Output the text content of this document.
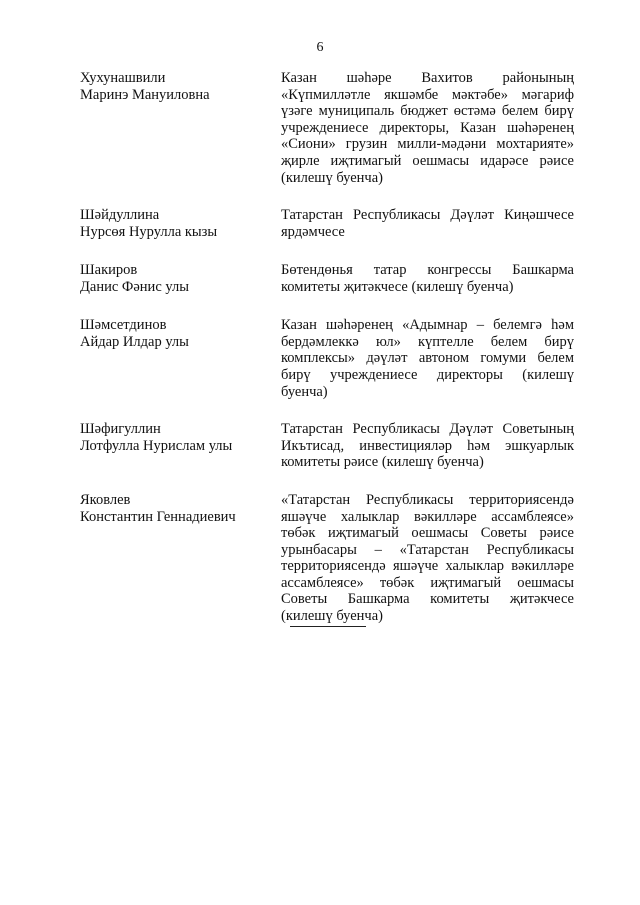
6
Хухунашвили
Маринэ Мануиловна
Казан шәһәре Вахитов районының «Күпмилләтле якшәмбе мәктәбе» мәгариф үзәге муниципаль бюджет өстәмә белем бирү учреждениесе директоры, Казан шәһәренең «Сиони» грузин милли-мәдәни мохтарияте» җирле иҗтимагый оешмасы идарәсе рәисе (килешү буенча)
Шәйдуллина
Нурсөя Нурулла кызы
Татарстан Республикасы Дәүләт Киңәшчесе ярдәмчесе
Шакиров
Данис Фәнис улы
Бөтендөнья татар конгрессы Башкарма комитеты җитәкчесе (килешү буенча)
Шәмсетдинов
Айдар Илдар улы
Казан шәһәренең «Адымнар – белемгә һәм бердәмлеккә юл» күптелле белем бирү комплексы» дәүләт автоном гомуми белем бирү учреждениесе директоры (килешү буенча)
Шәфигуллин
Лотфулла Нурислам улы
Татарстан Республикасы Дәүләт Советының Икътисад, инвестицияләр һәм эшкуарлык комитеты рәисе (килешү буенча)
Яковлев
Константин Геннадиевич
«Татарстан Республикасы территориясендә яшәүче халыклар вәкилләре ассамблеясе» төбәк иҗтимагый оешмасы Советы рәисе урынбасары – «Татарстан Республикасы территориясендә яшәүче халыклар вәкилләре ассамблеясе» төбәк иҗтимагый оешмасы Советы Башкарма комитеты җитәкчесе (килешү буенча)
